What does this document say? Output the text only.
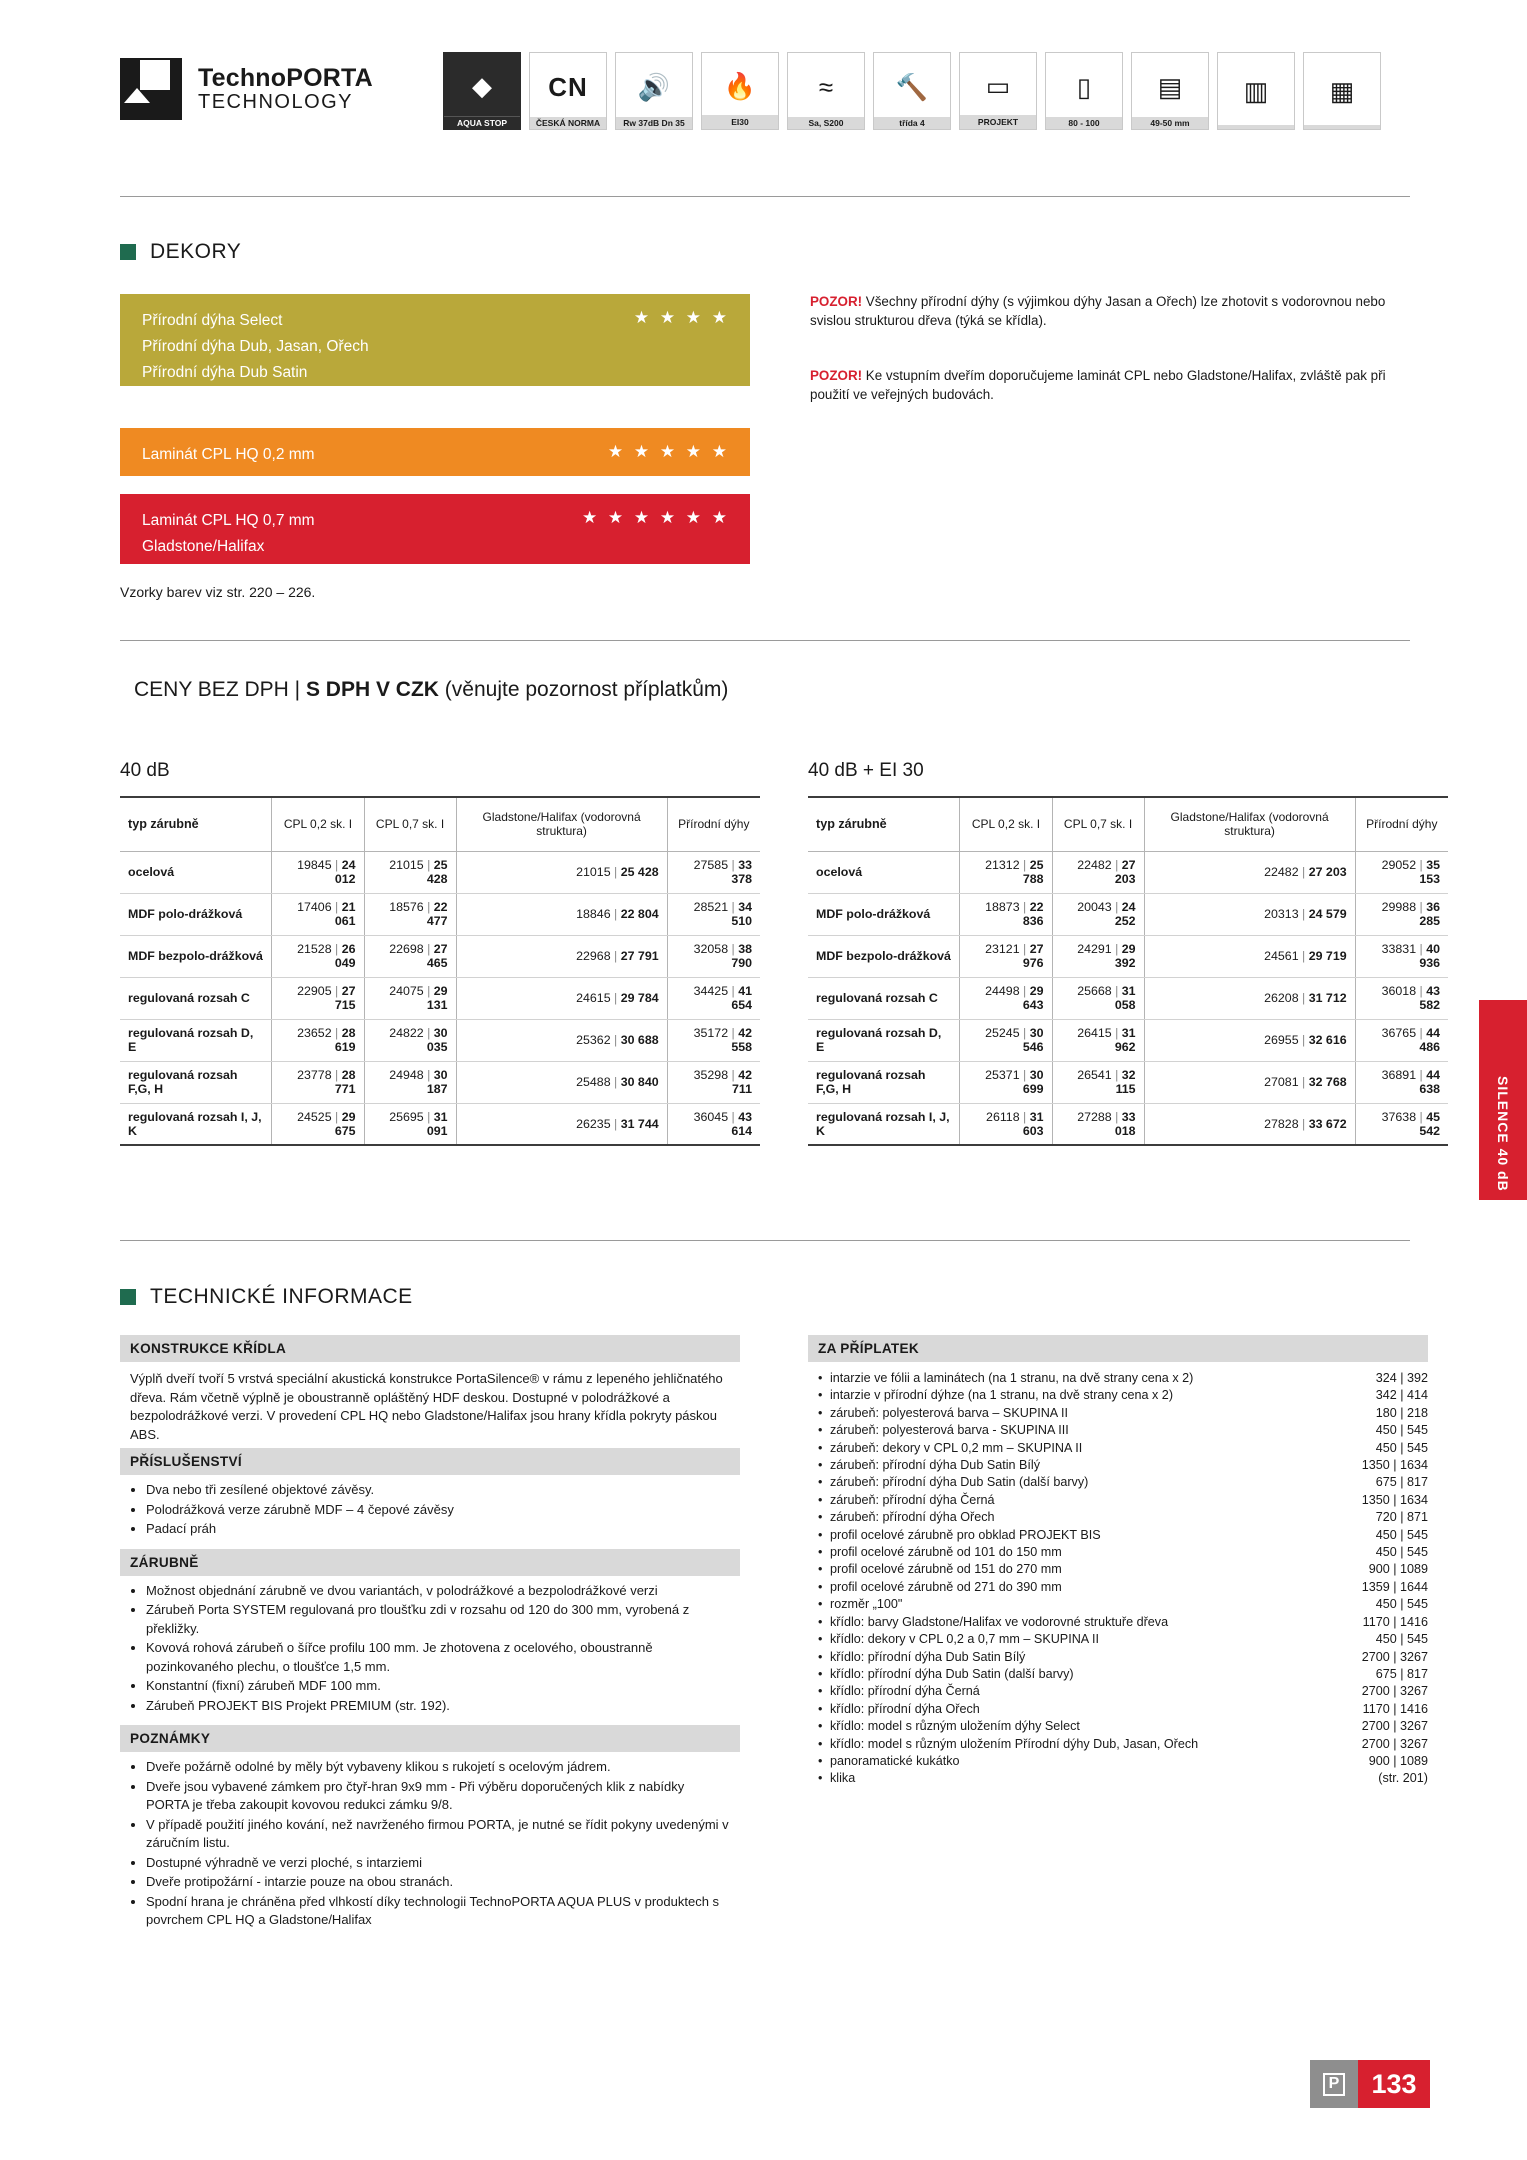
TechnoPORTA
TECHNOLOGY
◆
AQUA STOP
CN
ČESKÁ NORMA
🔊
Rw 37dB Dn 35
🔥
EI30
≈
Sa, S200
🔨
třída 4
▭
PROJEKT
▯
80 - 100
▤
49-50 mm
▥	▦
DEKORY
Přírodní dýha Select
Přírodní dýha Dub, Jasan, Ořech
Přírodní dýha Dub Satin
★ ★ ★ ★
Laminát CPL HQ 0,2 mm	★ ★ ★ ★ ★
Laminát CPL HQ 0,7 mm
Gladstone/Halifax
★ ★ ★ ★ ★ ★
Vzorky barev viz str. 220 – 226.
POZOR! Všechny přírodní dýhy (s výjimkou dýhy Jasan a Ořech) lze zhotovit s vodorovnou nebo svislou strukturou dřeva (týká se křídla).
POZOR! Ke vstupním dveřím doporučujeme laminát CPL nebo Gladstone/Halifax, zvláště pak při použití ve veřejných budovách.
CENY BEZ DPH | S DPH V CZK (věnujte pozornost příplatkům)
40 dB	40 dB + EI 30
typ zárubně	CPL 0,2 sk. I	CPL 0,7 sk. I	Gladstone/Halifax (vodorovná struktura)	Přírodní dýhy
ocelová	19845 | 24 012	21015 | 25 428	21015 | 25 428	27585 | 33 378
MDF polo-drážková	17406 | 21 061	18576 | 22 477	18846 | 22 804	28521 | 34 510
MDF bezpolo-drážková	21528 | 26 049	22698 | 27 465	22968 | 27 791	32058 | 38 790
regulovaná rozsah C	22905 | 27 715	24075 | 29 131	24615 | 29 784	34425 | 41 654
regulovaná rozsah D, E	23652 | 28 619	24822 | 30 035	25362 | 30 688	35172 | 42 558
regulovaná rozsah F,G, H	23778 | 28 771	24948 | 30 187	25488 | 30 840	35298 | 42 711
regulovaná rozsah I, J, K	24525 | 29 675	25695 | 31 091	26235 | 31 744	36045 | 43 614
typ zárubně	CPL 0,2 sk. I	CPL 0,7 sk. I	Gladstone/Halifax (vodorovná struktura)	Přírodní dýhy
ocelová	21312 | 25 788	22482 | 27 203	22482 | 27 203	29052 | 35 153
MDF polo-drážková	18873 | 22 836	20043 | 24 252	20313 | 24 579	29988 | 36 285
MDF bezpolo-drážková	23121 | 27 976	24291 | 29 392	24561 | 29 719	33831 | 40 936
regulovaná rozsah C	24498 | 29 643	25668 | 31 058	26208 | 31 712	36018 | 43 582
regulovaná rozsah D, E	25245 | 30 546	26415 | 31 962	26955 | 32 616	36765 | 44 486
regulovaná rozsah F,G, H	25371 | 30 699	26541 | 32 115	27081 | 32 768	36891 | 44 638
regulovaná rozsah I, J, K	26118 | 31 603	27288 | 33 018	27828 | 33 672	37638 | 45 542	SILENCE 40 dB
TECHNICKÉ INFORMACE
KONSTRUKCE KŘÍDLA
Výplň dveří tvoří 5 vrstvá speciální akustická konstrukce PortaSilence® v rámu z lepeného jehličnatého dřeva. Rám včetně výplně je oboustranně opláštěný HDF deskou. Dostupné v polodrážkové a bezpolodrážkové verzi. V provedení CPL HQ nebo Gladstone/Halifax jsou hrany křídla pokryty páskou ABS.
PŘÍSLUŠENSTVÍ
• Dva nebo tři zesílené objektové závěsy.
• Polodrážková verze zárubně MDF – 4 čepové závěsy
• Padací práh
ZÁRUBNĚ
• Možnost objednání zárubně ve dvou variantách, v polodrážkové a bezpolodrážkové verzi
• Zárubeň Porta SYSTEM regulovaná pro tloušťku zdi v rozsahu od 120 do 300 mm, vyrobená z překližky.
• Kovová rohová zárubeň o šířce profilu 100 mm. Je zhotovena z ocelového, oboustranně pozinkovaného plechu, o tloušťce 1,5 mm.
• Konstantní (fixní) zárubeň MDF 100 mm.
• Zárubeň PROJEKT BIS Projekt PREMIUM (str. 192).
POZNÁMKY
• Dveře požárně odolné by měly být vybaveny klikou s rukojetí s ocelovým jádrem.
• Dveře jsou vybavené zámkem pro čtyř-hran 9x9 mm - Při výběru doporučených klik z nabídky PORTA je třeba zakoupit kovovou redukci zámku 9/8.
• V případě použití jiného kování, než navrženého firmou PORTA, je nutné se řídit pokyny uvedenými v záručním listu.
• Dostupné výhradně ve verzi ploché, s intarziemi
• Dveře protipožární - intarzie pouze na obou stranách.
• Spodní hrana je chráněna před vlhkostí díky technologii TechnoPORTA AQUA PLUS v produktech s povrchem CPL HQ a Gladstone/Halifax
ZA PŘÍPLATEK
• intarzie ve fólii a laminátech (na 1 stranu, na dvě strany cena x 2)	324 | 392
• intarzie v přírodní dýhze (na 1 stranu, na dvě strany cena x 2)	342 | 414
• zárubeň: polyesterová barva – SKUPINA II	180 | 218
• zárubeň: polyesterová barva - SKUPINA III	450 | 545
• zárubeň: dekory v CPL 0,2 mm – SKUPINA II	450 | 545
• zárubeň: přírodní dýha Dub Satin Bílý	1350 | 1634
• zárubeň: přírodní dýha Dub Satin (další barvy)	675 | 817
• zárubeň: přírodní dýha Černá	1350 | 1634
• zárubeň: přírodní dýha Ořech	720 | 871
• profil ocelové zárubně pro obklad PROJEKT BIS	450 | 545
• profil ocelové zárubně od 101 do 150 mm	450 | 545
• profil ocelové zárubně od 151 do 270 mm	900 | 1089
• profil ocelové zárubně od 271 do 390 mm	1359 | 1644
• rozměr „100"	450 | 545
• křídlo: barvy Gladstone/Halifax ve vodorovné struktuře dřeva	1170 | 1416
• křídlo: dekory v CPL 0,2 a 0,7 mm – SKUPINA II	450 | 545
• křídlo: přírodní dýha Dub Satin Bílý	2700 | 3267
• křídlo: přírodní dýha Dub Satin (další barvy)	675 | 817
• křídlo: přírodní dýha Černá	2700 | 3267
• křídlo: přírodní dýha Ořech	1170 | 1416
• křídlo: model s různým uložením dýhy Select	2700 | 3267
• křídlo: model s různým uložením Přírodní dýhy Dub, Jasan, Ořech	2700 | 3267
• panoramatické kukátko	900 | 1089
• klika	(str. 201)
P	133
